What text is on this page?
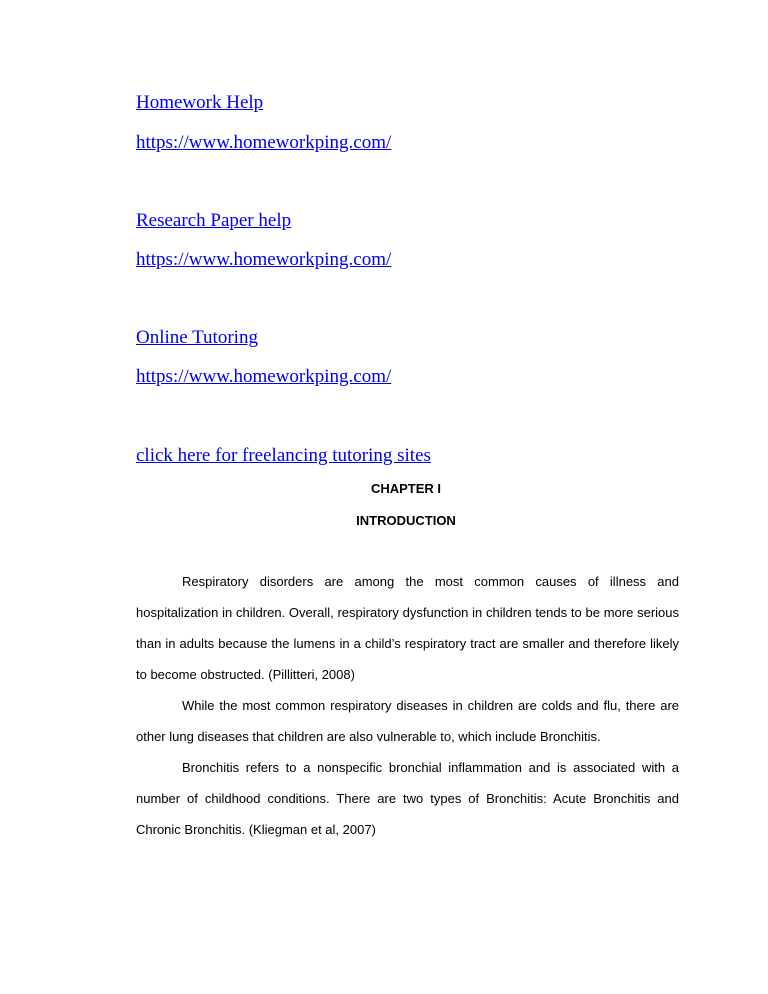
Homework Help
https://www.homeworkping.com/
Research Paper help
https://www.homeworkping.com/
Online Tutoring
https://www.homeworkping.com/
click here for freelancing tutoring sites
CHAPTER I
INTRODUCTION

Respiratory disorders are among the most common causes of illness and hospitalization in children. Overall, respiratory dysfunction in children tends to be more serious than in adults because the lumens in a child’s respiratory tract are smaller and therefore likely to become obstructed. (Pillitteri, 2008)

While the most common respiratory diseases in children are colds and flu, there are other lung diseases that children are also vulnerable to, which include Bronchitis.

Bronchitis refers to a nonspecific bronchial inflammation and is associated with a number of childhood conditions. There are two types of Bronchitis: Acute Bronchitis and Chronic Bronchitis. (Kliegman et al, 2007)
